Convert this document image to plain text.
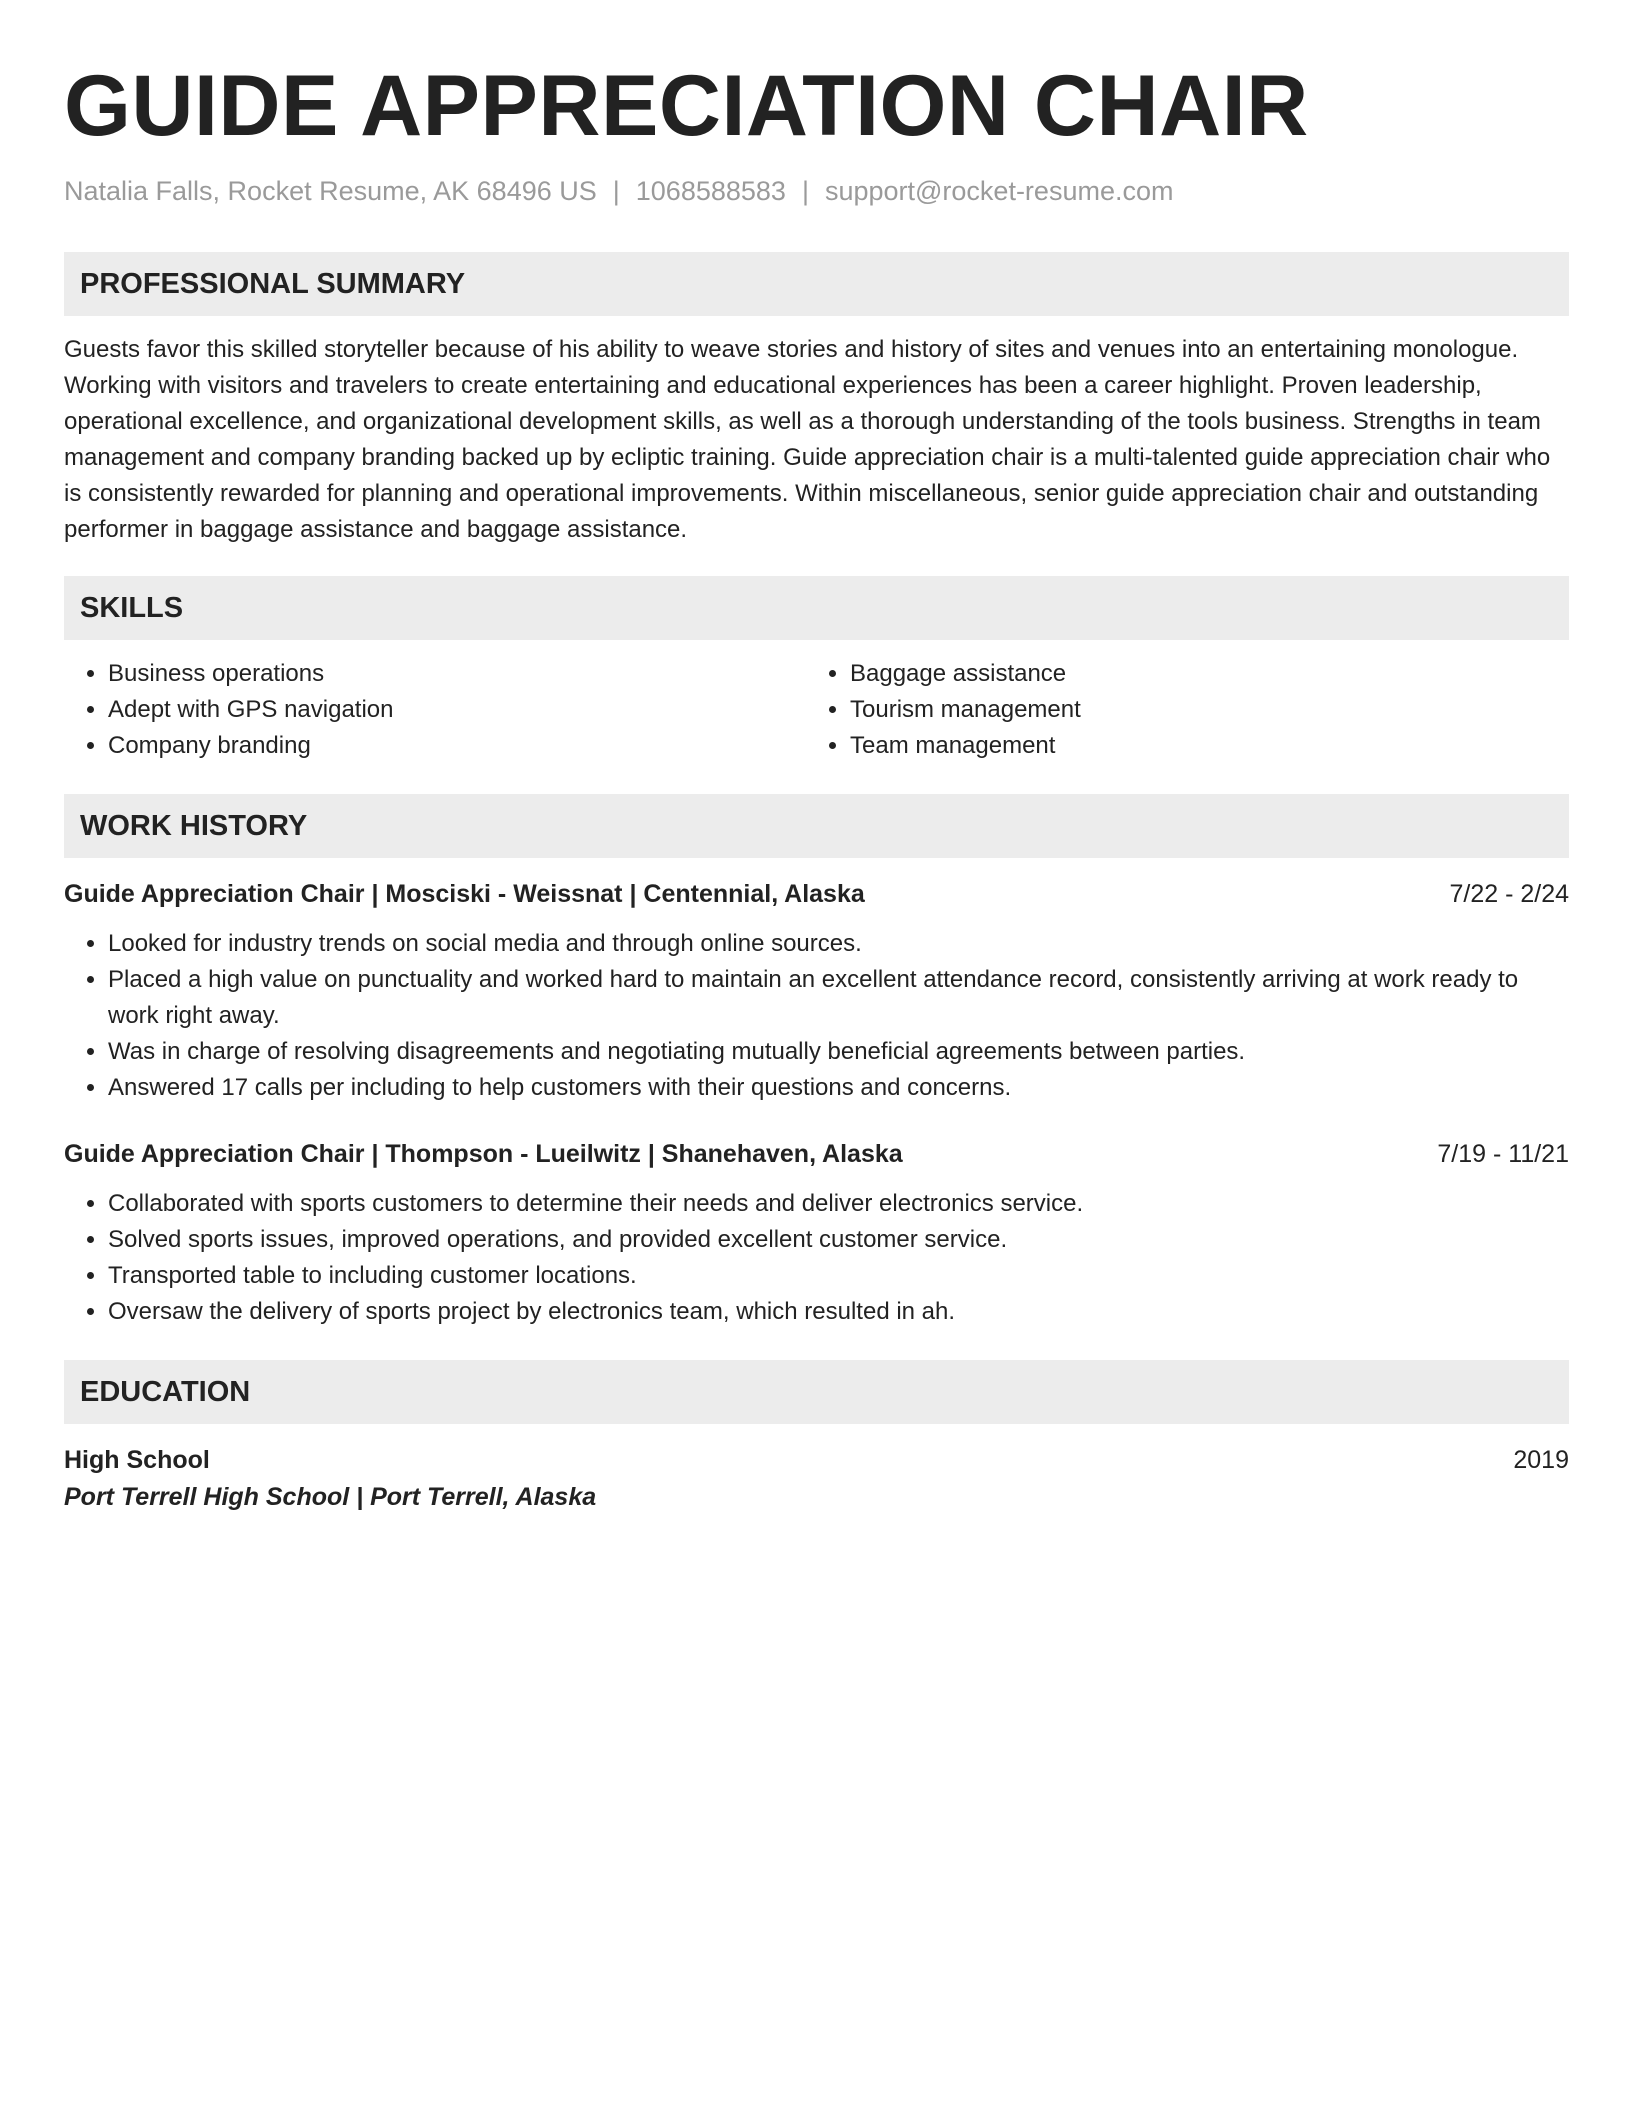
GUIDE APPRECIATION CHAIR
Natalia Falls, Rocket Resume, AK 68496 US | 1068588583 | support@rocket-resume.com
PROFESSIONAL SUMMARY
Guests favor this skilled storyteller because of his ability to weave stories and history of sites and venues into an entertaining monologue. Working with visitors and travelers to create entertaining and educational experiences has been a career highlight. Proven leadership, operational excellence, and organizational development skills, as well as a thorough understanding of the tools business. Strengths in team management and company branding backed up by ecliptic training. Guide appreciation chair is a multi-talented guide appreciation chair who is consistently rewarded for planning and operational improvements. Within miscellaneous, senior guide appreciation chair and outstanding performer in baggage assistance and baggage assistance.
SKILLS
• Business operations
• Adept with GPS navigation
• Company branding
• Baggage assistance
• Tourism management
• Team management
WORK HISTORY
Guide Appreciation Chair | Mosciski - Weissnat | Centennial, Alaska	7/22 - 2/24
• Looked for industry trends on social media and through online sources.
• Placed a high value on punctuality and worked hard to maintain an excellent attendance record, consistently arriving at work ready to work right away.
• Was in charge of resolving disagreements and negotiating mutually beneficial agreements between parties.
• Answered 17 calls per including to help customers with their questions and concerns.
Guide Appreciation Chair | Thompson - Lueilwitz | Shanehaven, Alaska	7/19 - 11/21
• Collaborated with sports customers to determine their needs and deliver electronics service.
• Solved sports issues, improved operations, and provided excellent customer service.
• Transported table to including customer locations.
• Oversaw the delivery of sports project by electronics team, which resulted in ah.
EDUCATION
High School	2019
Port Terrell High School | Port Terrell, Alaska
